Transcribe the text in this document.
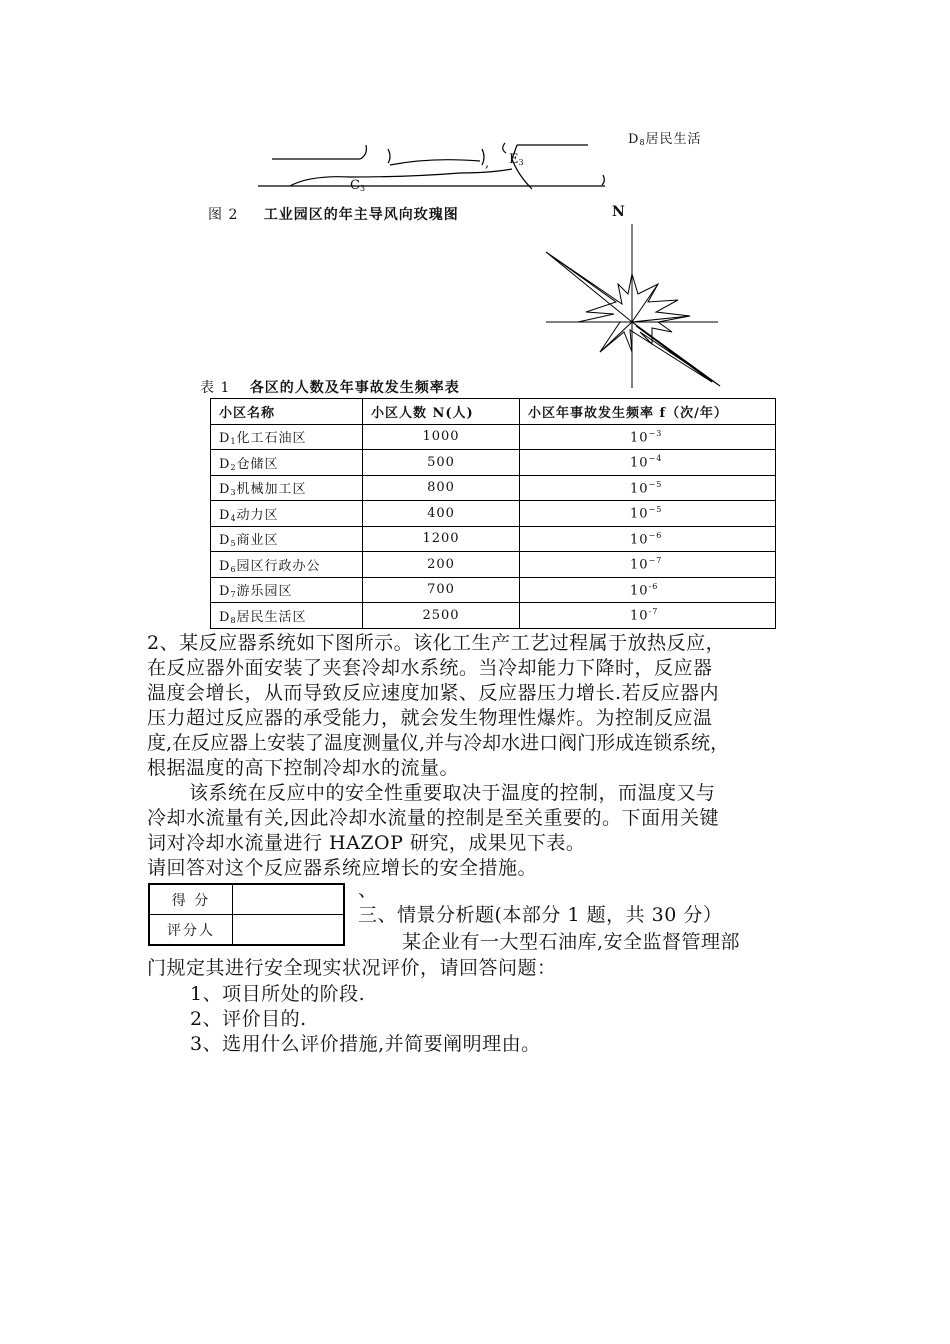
$D_8$居民生活
$E_3$
$C_3$
,
图 2 工业园区的年主导风向玫瑰图	N
表 1 各区的人数及年事故发生频率表
小区名称	小区人数 N(人)	小区年事故发生频率 f（次/年）
$D_1$化工石油区	1000	$10^{-3}$
$D_2$仓储区	500	$10^{-4}$
$D_3$机械加工区	800	$10^{-5}$
$D_4$动力区	400	$10^{-5}$
$D_5$商业区	1200	$10^{-6}$
$D_6$园区行政办公	200	$10^{-7}$
$D_7$游乐园区	700	$10^{-6}$
$D_8$居民生活区	2500	$10^{-7}$
2、某反应器系统如下图所示。该化工生产工艺过程属于放热反应，
在反应器外面安装了夹套冷却水系统。当冷却能力下降时，反应器
温度会增长，从而导致反应速度加紧、反应器压力增长.若反应器内
压力超过反应器的承受能力，就会发生物理性爆炸。为控制反应温
度,在反应器上安装了温度测量仪,并与冷却水进口阀门形成连锁系统，
根据温度的高下控制冷却水的流量。
该系统在反应中的安全性重要取决于温度的控制，而温度又与
冷却水流量有关,因此冷却水流量的控制是至关重要的。下面用关键
词对冷却水流量进行 HAZOP 研究，成果见下表。
请回答对这个反应器系统应增长的安全措施。
得 分	
评分人	
、
三、情景分析题(本部分 1 题，共 30 分）
某企业有一大型石油库,安全监督管理部
门规定其进行安全现实状况评价，请回答问题：
1、项目所处的阶段.
2、评价目的.
3、选用什么评价措施,并简要阐明理由。
